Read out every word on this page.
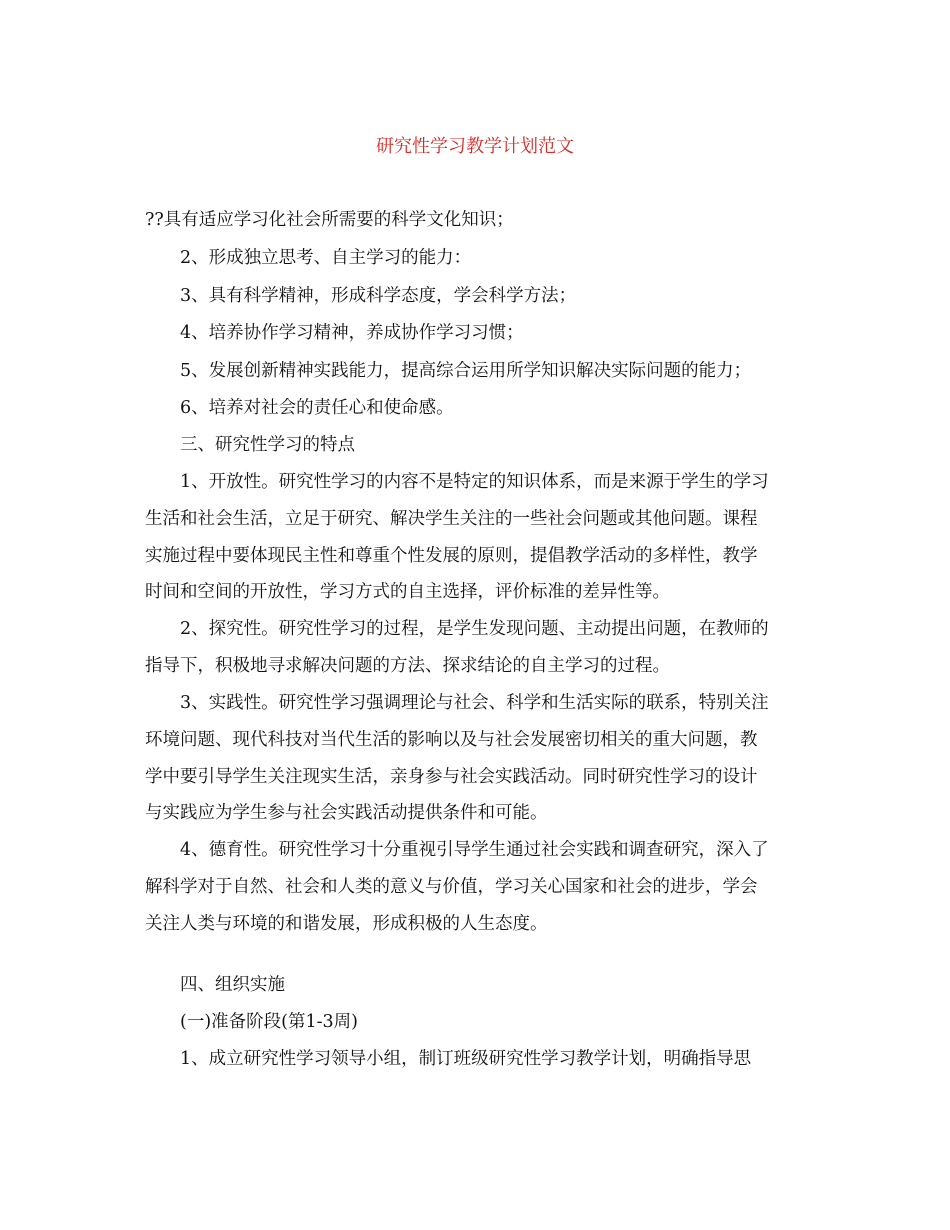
研究性学习教学计划范文

??具有适应学习化社会所需要的科学文化知识；

2、形成独立思考、自主学习的能力：

3、具有科学精神，形成科学态度，学会科学方法；

4、培养协作学习精神，养成协作学习习惯；

5、发展创新精神实践能力，提高综合运用所学知识解决实际问题的能力；

6、培养对社会的责任心和使命感。

三、研究性学习的特点

1、开放性。研究性学习的内容不是特定的知识体系，而是来源于学生的学习

生活和社会生活，立足于研究、解决学生关注的一些社会问题或其他问题。课程

实施过程中要体现民主性和尊重个性发展的原则，提倡教学活动的多样性，教学

时间和空间的开放性，学习方式的自主选择，评价标准的差异性等。

2、探究性。研究性学习的过程，是学生发现问题、主动提出问题，在教师的

指导下，积极地寻求解决问题的方法、探求结论的自主学习的过程。

3、实践性。研究性学习强调理论与社会、科学和生活实际的联系，特别关注

环境问题、现代科技对当代生活的影响以及与社会发展密切相关的重大问题，教

学中要引导学生关注现实生活，亲身参与社会实践活动。同时研究性学习的设计

与实践应为学生参与社会实践活动提供条件和可能。

4、德育性。研究性学习十分重视引导学生通过社会实践和调查研究，深入了

解科学对于自然、社会和人类的意义与价值，学习关心国家和社会的进步，学会

关注人类与环境的和谐发展，形成积极的人生态度。

四、组织实施

(一)准备阶段(第1-3周)

1、成立研究性学习领导小组，制订班级研究性学习教学计划，明确指导思
